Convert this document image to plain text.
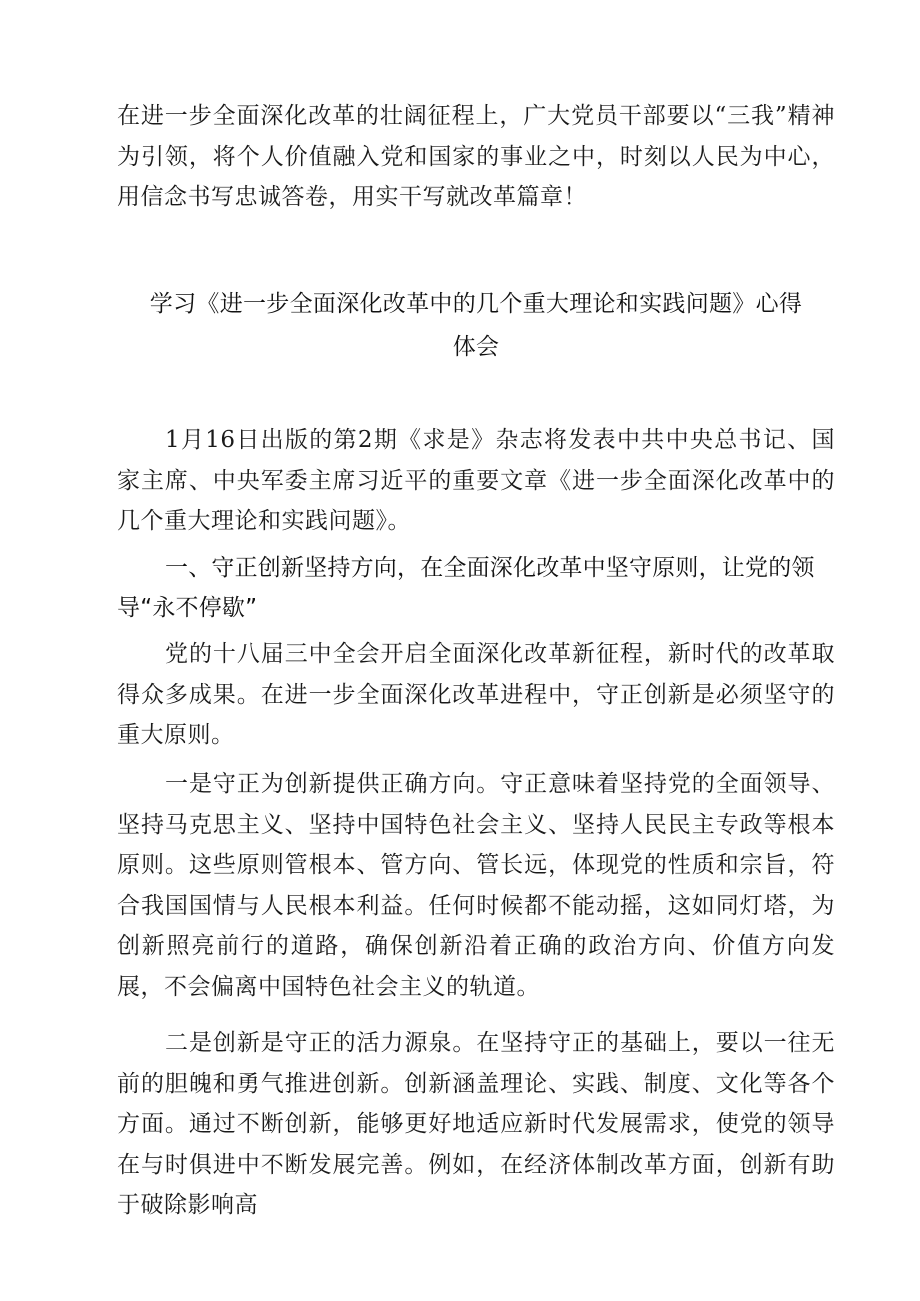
在进一步全面深化改革的壮阔征程上，广大党员干部要以“三我”精神为引领，将个人价值融入党和国家的事业之中，时刻以人民为中心，用信念书写忠诚答卷，用实干写就改革篇章！
学习《进一步全面深化改革中的几个重大理论和实践问题》心得
体会
1月16日出版的第2期《求是》杂志将发表中共中央总书记、国家主席、中央军委主席习近平的重要文章《进一步全面深化改革中的几个重大理论和实践问题》。
一、守正创新坚持方向，在全面深化改革中坚守原则，让党的领导“永不停歇”
党的十八届三中全会开启全面深化改革新征程，新时代的改革取得众多成果。在进一步全面深化改革进程中，守正创新是必须坚守的重大原则。
一是守正为创新提供正确方向。守正意味着坚持党的全面领导、坚持马克思主义、坚持中国特色社会主义、坚持人民民主专政等根本原则。这些原则管根本、管方向、管长远，体现党的性质和宗旨，符合我国国情与人民根本利益。任何时候都不能动摇，这如同灯塔，为创新照亮前行的道路，确保创新沿着正确的政治方向、价值方向发展，不会偏离中国特色社会主义的轨道。
二是创新是守正的活力源泉。在坚持守正的基础上，要以一往无前的胆魄和勇气推进创新。创新涵盖理论、实践、制度、文化等各个方面。通过不断创新，能够更好地适应新时代发展需求，使党的领导在与时俱进中不断发展完善。例如，在经济体制改革方面，创新有助于破除影响高
